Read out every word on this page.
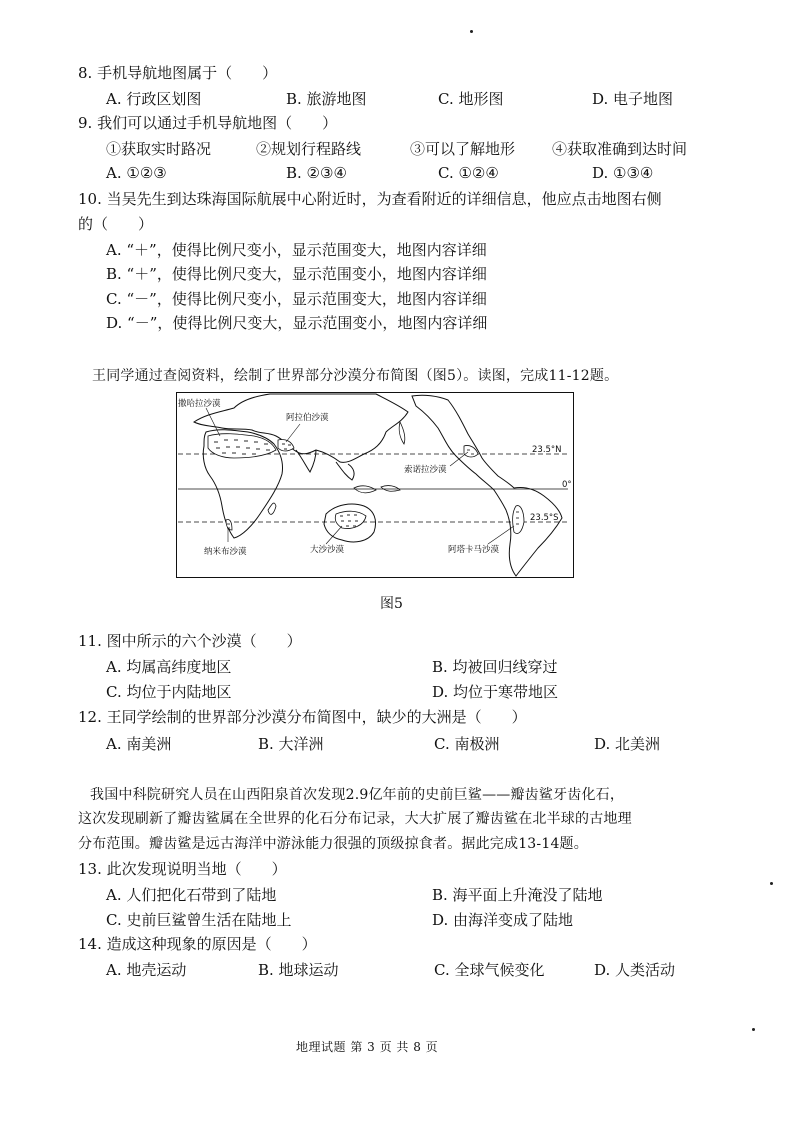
8. 手机导航地图属于（　　）
A. 行政区划图	B. 旅游地图	C. 地形图	D. 电子地图
9. 我们可以通过手机导航地图（　　）
①获取实时路况	②规划行程路线	③可以了解地形 ④获取准确到达时间
A. ①②③	B. ②③④	C. ①②④	D. ①③④
10. 当吴先生到达珠海国际航展中心附近时，为查看附近的详细信息，他应点击地图右侧
的（　　）
A. “＋”，使得比例尺变小，显示范围变大，地图内容详细
B. “＋”，使得比例尺变大，显示范围变小，地图内容详细
C. “－”，使得比例尺变小，显示范围变大，地图内容详细
D. “－”，使得比例尺变大，显示范围变小，地图内容详细
王同学通过查阅资料，绘制了世界部分沙漠分布简图（图5）。读图，完成11-12题。
撒哈拉沙漠
阿拉伯沙漠
索诺拉沙漠
纳米布沙漠	大沙沙漠	阿塔卡马沙漠
23.5°N
0°
23.5°S
图5
11. 图中所示的六个沙漠（　　）
A. 均属高纬度地区	B. 均被回归线穿过
C. 均位于内陆地区	D. 均位于寒带地区
12. 王同学绘制的世界部分沙漠分布简图中，缺少的大洲是（　　）
A. 南美洲	B. 大洋洲	C. 南极洲	D. 北美洲
我国中科院研究人员在山西阳泉首次发现2.9亿年前的史前巨鲨——瓣齿鲨牙齿化石，
这次发现刷新了瓣齿鲨属在全世界的化石分布记录，大大扩展了瓣齿鲨在北半球的古地理
分布范围。瓣齿鲨是远古海洋中游泳能力很强的顶级掠食者。据此完成13-14题。
13. 此次发现说明当地（　　）
A. 人们把化石带到了陆地	B. 海平面上升淹没了陆地
C. 史前巨鲨曾生活在陆地上	D. 由海洋变成了陆地
14. 造成这种现象的原因是（　　）
A. 地壳运动	B. 地球运动	C. 全球气候变化	D. 人类活动
地理试题 第 3 页 共 8 页
